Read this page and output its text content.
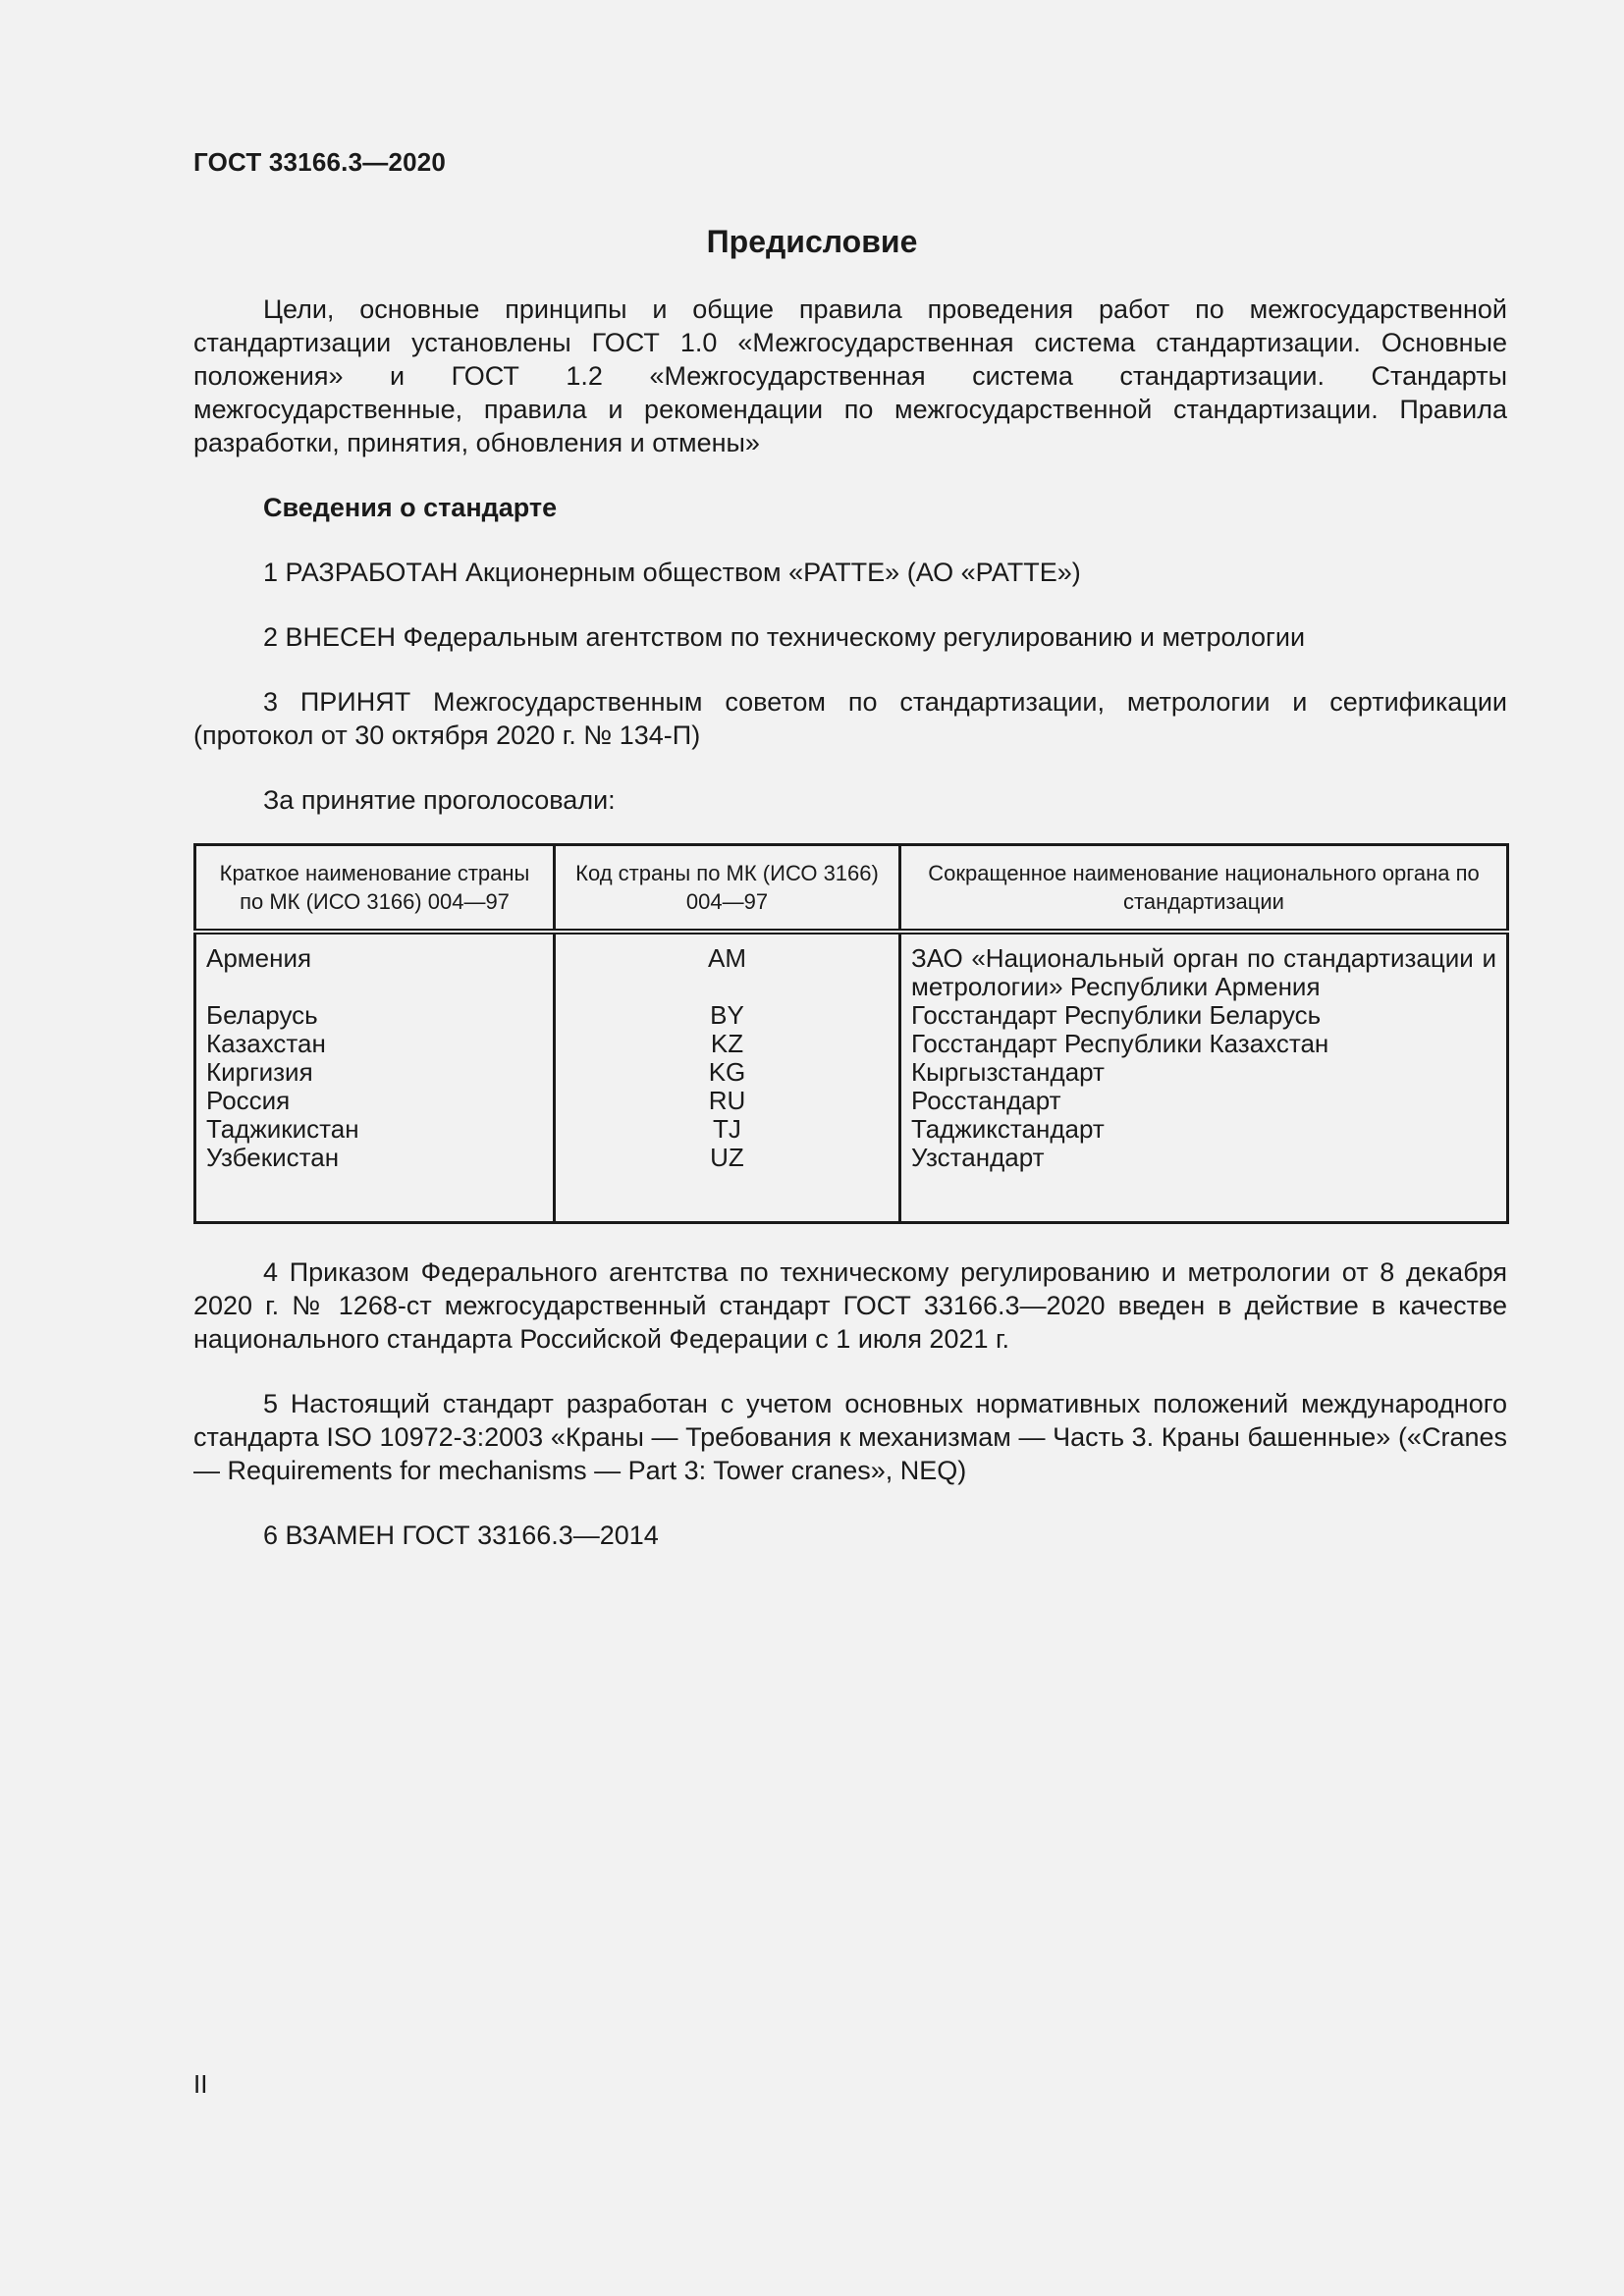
ГОСТ 33166.3—2020
Предисловие

Цели, основные принципы и общие правила проведения работ по межгосударственной стандартизации установлены ГОСТ 1.0 «Межгосударственная система стандартизации. Основные положения» и ГОСТ 1.2 «Межгосударственная система стандартизации. Стандарты межгосударственные, правила и рекомендации по межгосударственной стандартизации. Правила разработки, принятия, обновления и отмены»

Сведения о стандарте

1 РАЗРАБОТАН Акционерным обществом «РАТТЕ» (АО «РАТТЕ»)

2 ВНЕСЕН Федеральным агентством по техническому регулированию и метрологии

3 ПРИНЯТ Межгосударственным советом по стандартизации, метрологии и сертификации (протокол от 30 октября 2020 г. № 134-П)

За принятие проголосовали:

Краткое наименование страны по МК (ИСО 3166) 004—97	Код страны по МК (ИСО 3166) 004—97	Сокращенное наименование национального органа по стандартизации
Армения	AM	ЗАО «Национальный орган по стандартизации и метрологии» Республики Армения
Беларусь	BY	Госстандарт Республики Беларусь
Казахстан	KZ	Госстандарт Республики Казахстан
Киргизия	KG	Кыргызстандарт
Россия	RU	Росстандарт
Таджикистан	TJ	Таджикстандарт
Узбекистан	UZ	Узстандарт

4 Приказом Федерального агентства по техническому регулированию и метрологии от 8 декабря 2020 г. № 1268-ст межгосударственный стандарт ГОСТ 33166.3—2020 введен в действие в качестве национального стандарта Российской Федерации с 1 июля 2021 г.

5 Настоящий стандарт разработан с учетом основных нормативных положений международного стандарта ISO 10972-3:2003 «Краны — Требования к механизмам — Часть 3. Краны башенные» («Cranes — Requirements for mechanisms — Part 3: Tower cranes», NEQ)

6 ВЗАМЕН ГОСТ 33166.3—2014

II
